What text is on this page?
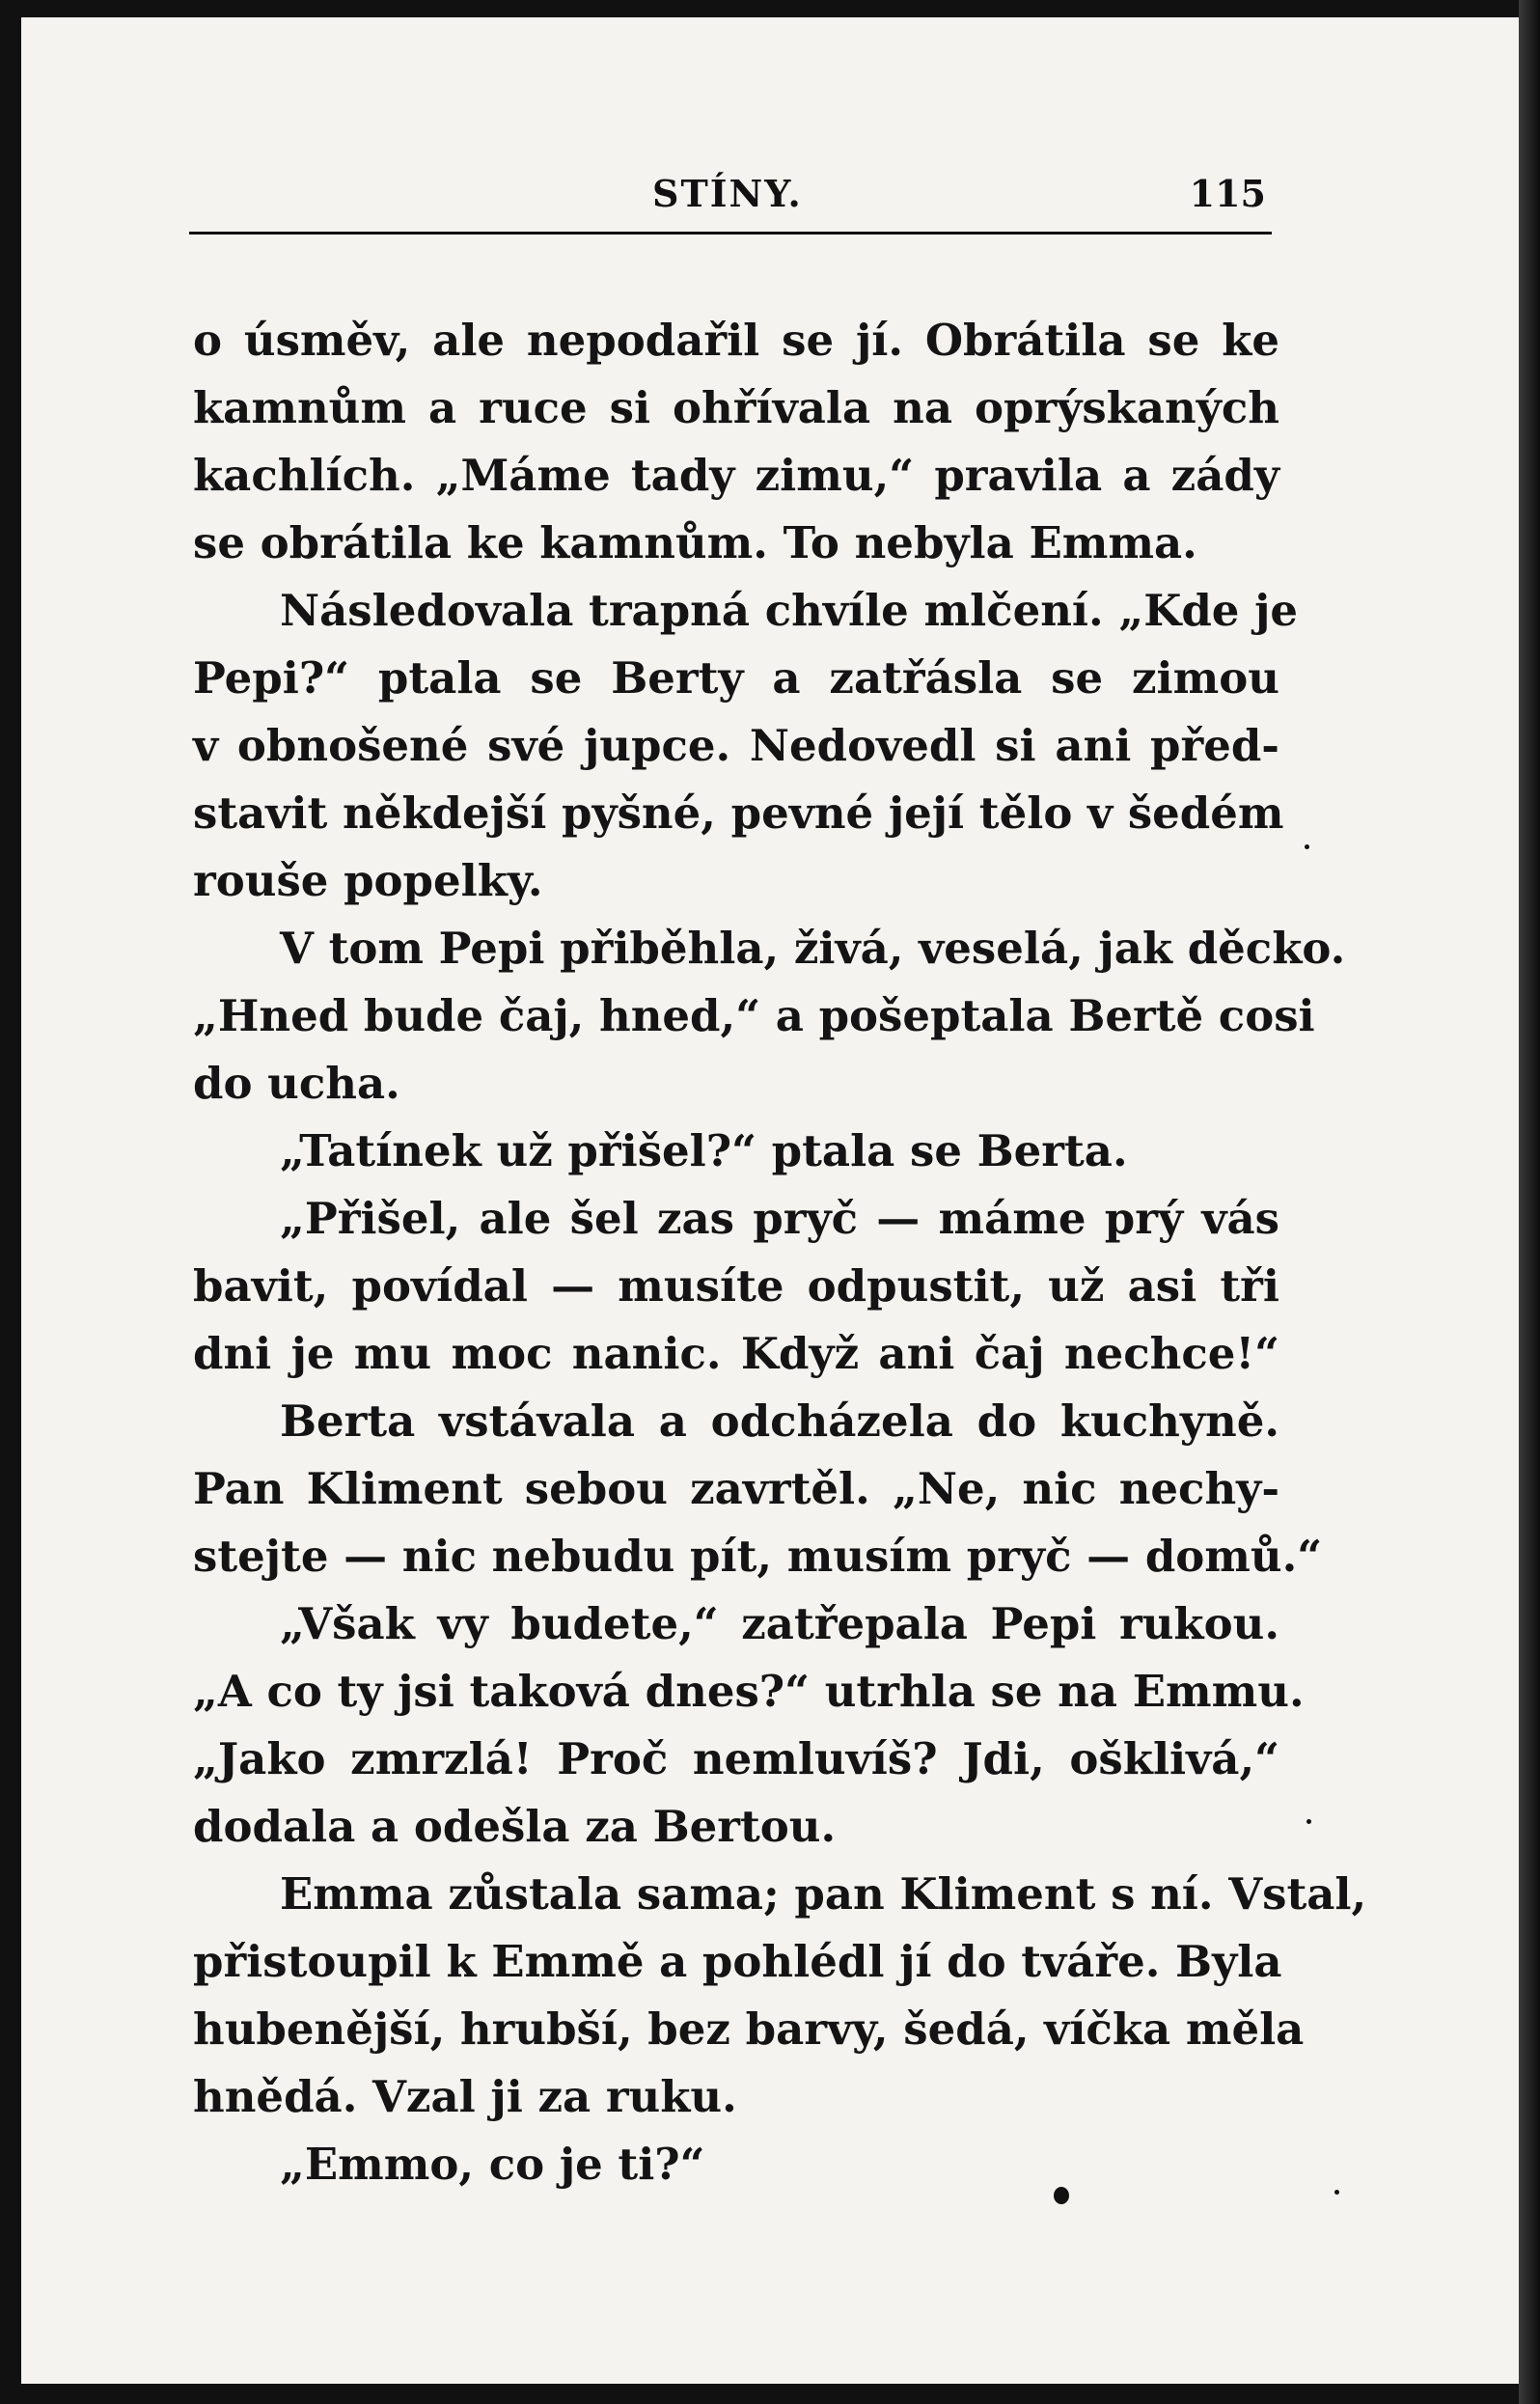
STÍNY.	115
o úsměv, ale nepodařil se jí. Obrátila se ke
kamnům a ruce si ohřívala na oprýskaných
kachlích. „Máme tady zimu,“ pravila a zády
se obrátila ke kamnům. To nebyla Emma.
Následovala trapná chvíle mlčení. „Kde je
Pepi?“ ptala se Berty a zatřásla se zimou
v obnošené své jupce. Nedovedl si ani před-
stavit někdejší pyšné, pevné její tělo v šedém
rouše popelky.
V tom Pepi přiběhla, živá, veselá, jak děcko.
„Hned bude čaj, hned,“ a pošeptala Bertě cosi
do ucha.
„Tatínek už přišel?“ ptala se Berta.
„Přišel, ale šel zas pryč — máme prý vás
bavit, povídal — musíte odpustit, už asi tři
dni je mu moc nanic. Když ani čaj nechce!“
Berta vstávala a odcházela do kuchyně.
Pan Kliment sebou zavrtěl. „Ne, nic nechy-
stejte — nic nebudu pít, musím pryč — domů.“
„Však vy budete,“ zatřepala Pepi rukou.
„A co ty jsi taková dnes?“ utrhla se na Emmu.
„Jako zmrzlá! Proč nemluvíš? Jdi, ošklivá,“
dodala a odešla za Bertou.
Emma zůstala sama; pan Kliment s ní. Vstal,
přistoupil k Emmě a pohlédl jí do tváře. Byla
hubenější, hrubší, bez barvy, šedá, víčka měla
hnědá. Vzal ji za ruku.
„Emmo, co je ti?“
